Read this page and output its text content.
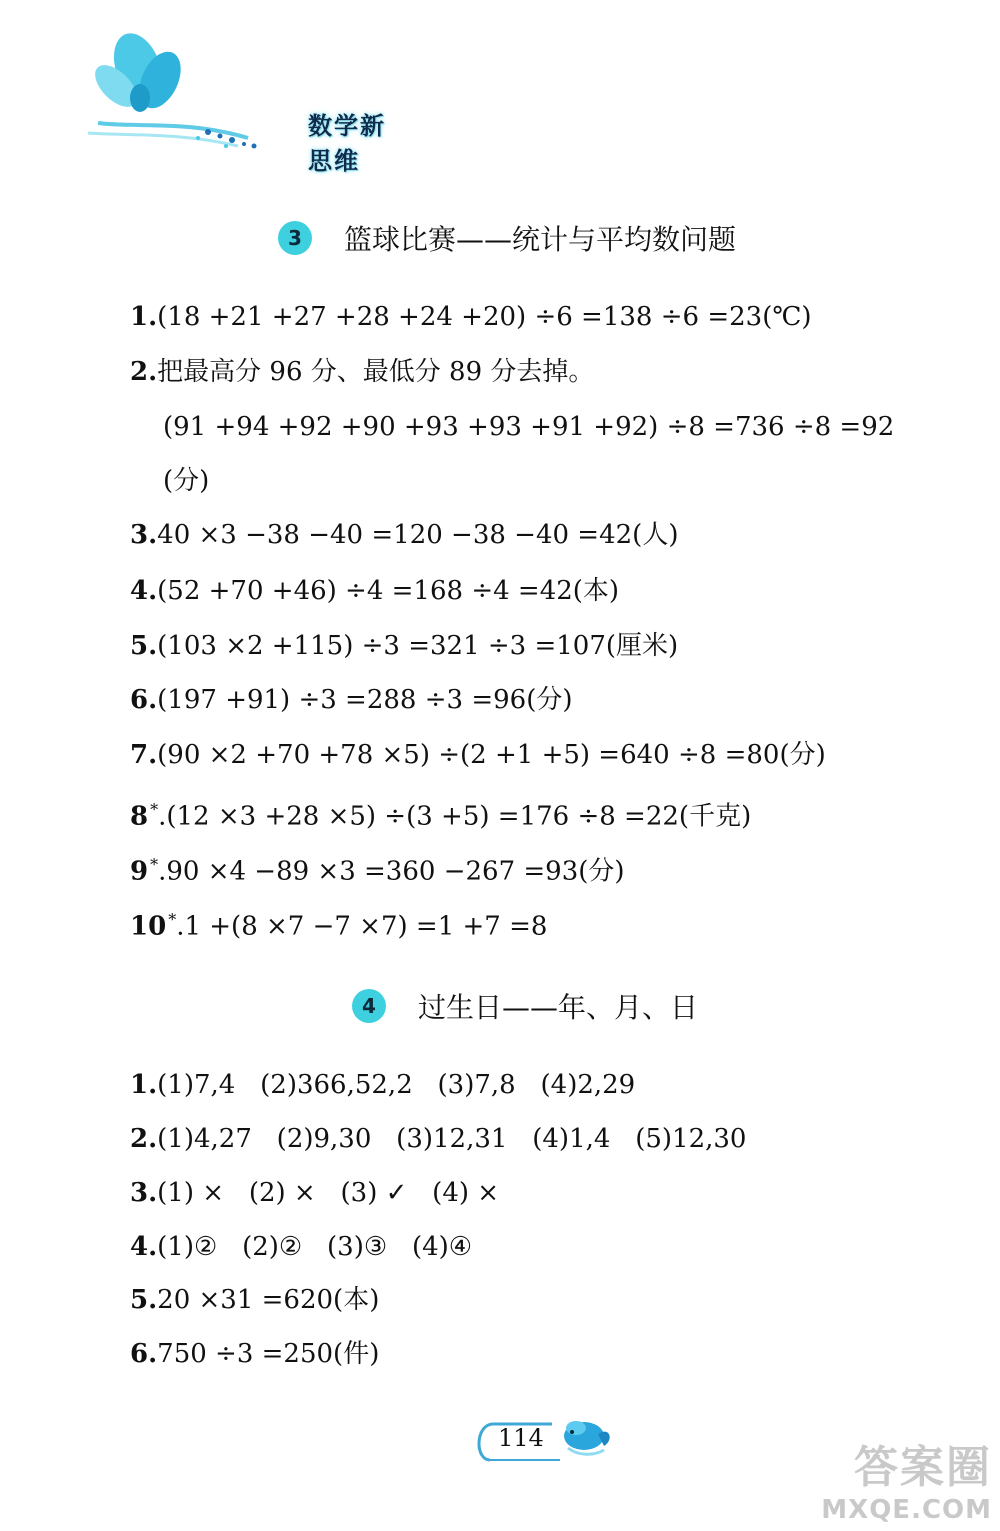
数学新思维
3	篮球比赛——统计与平均数问题
1.(18 +21 +27 +28 +24 +20) ÷6 =138 ÷6 =23(℃)
2.把最高分 96 分、最低分 89 分去掉。
(91 +94 +92 +90 +93 +93 +91 +92) ÷8 =736 ÷8 =92
(分)
3.40 ×3 −38 −40 =120 −38 −40 =42(人)
4.(52 +70 +46) ÷4 =168 ÷4 =42(本)
5.(103 ×2 +115) ÷3 =321 ÷3 =107(厘米)
6.(197 +91) ÷3 =288 ÷3 =96(分)
7.(90 ×2 +70 +78 ×5) ÷(2 +1 +5) =640 ÷8 =80(分)
8 *.(12 ×3 +28 ×5) ÷(3 +5) =176 ÷8 =22(千克)
9 *.90 ×4 −89 ×3 =360 −267 =93(分)
10 *.1 +(8 ×7 −7 ×7) =1 +7 =8
4	过生日——年、月、日
1.(1)7,4   (2)366,52,2   (3)7,8   (4)2,29
2.(1)4,27   (2)9,30   (3)12,31   (4)1,4   (5)12,30
3.(1) ×   (2) ×   (3) ✓   (4) ×
4.(1)②   (2)②   (3)③   (4)④
5.20 ×31 =620(本)
6.750 ÷3 =250(件)
114
答案圈
MXQE.COM
